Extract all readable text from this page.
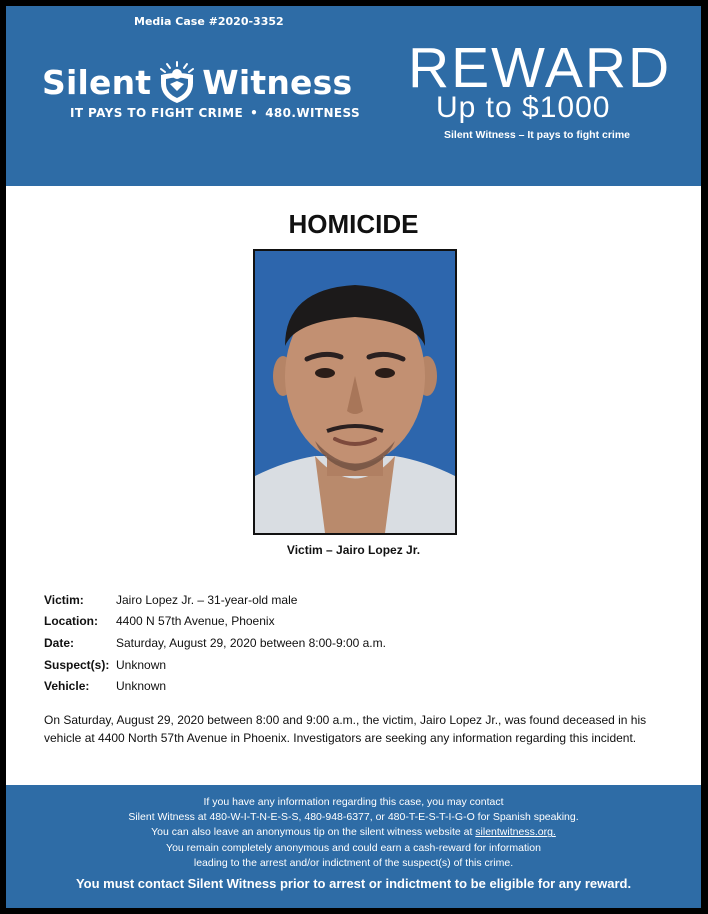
Media Case #2020-3352
Silent Witness
IT PAYS TO FIGHT CRIME • 480.WITNESS
REWARD
Up to $1000
Silent Witness – It pays to fight crime
HOMICIDE
Victim – Jairo Lopez Jr.
Victim:	Jairo Lopez Jr. – 31-year-old male
Location:	4400 N 57th Avenue, Phoenix
Date:	Saturday, August 29, 2020 between 8:00-9:00 a.m.
Suspect(s): Unknown
Vehicle:	Unknown
On Saturday, August 29, 2020 between 8:00 and 9:00 a.m., the victim, Jairo Lopez Jr., was found deceased in his vehicle at 4400 North 57th Avenue in Phoenix. Investigators are seeking any information regarding this incident.
If you have any information regarding this case, you may contact
Silent Witness at 480-W-I-T-N-E-S-S, 480-948-6377, or 480-T-E-S-T-I-G-O for Spanish speaking.
You can also leave an anonymous tip on the silent witness website at silentwitness.org.
You remain completely anonymous and could earn a cash-reward for information
leading to the arrest and/or indictment of the suspect(s) of this crime.
You must contact Silent Witness prior to arrest or indictment to be eligible for any reward.
